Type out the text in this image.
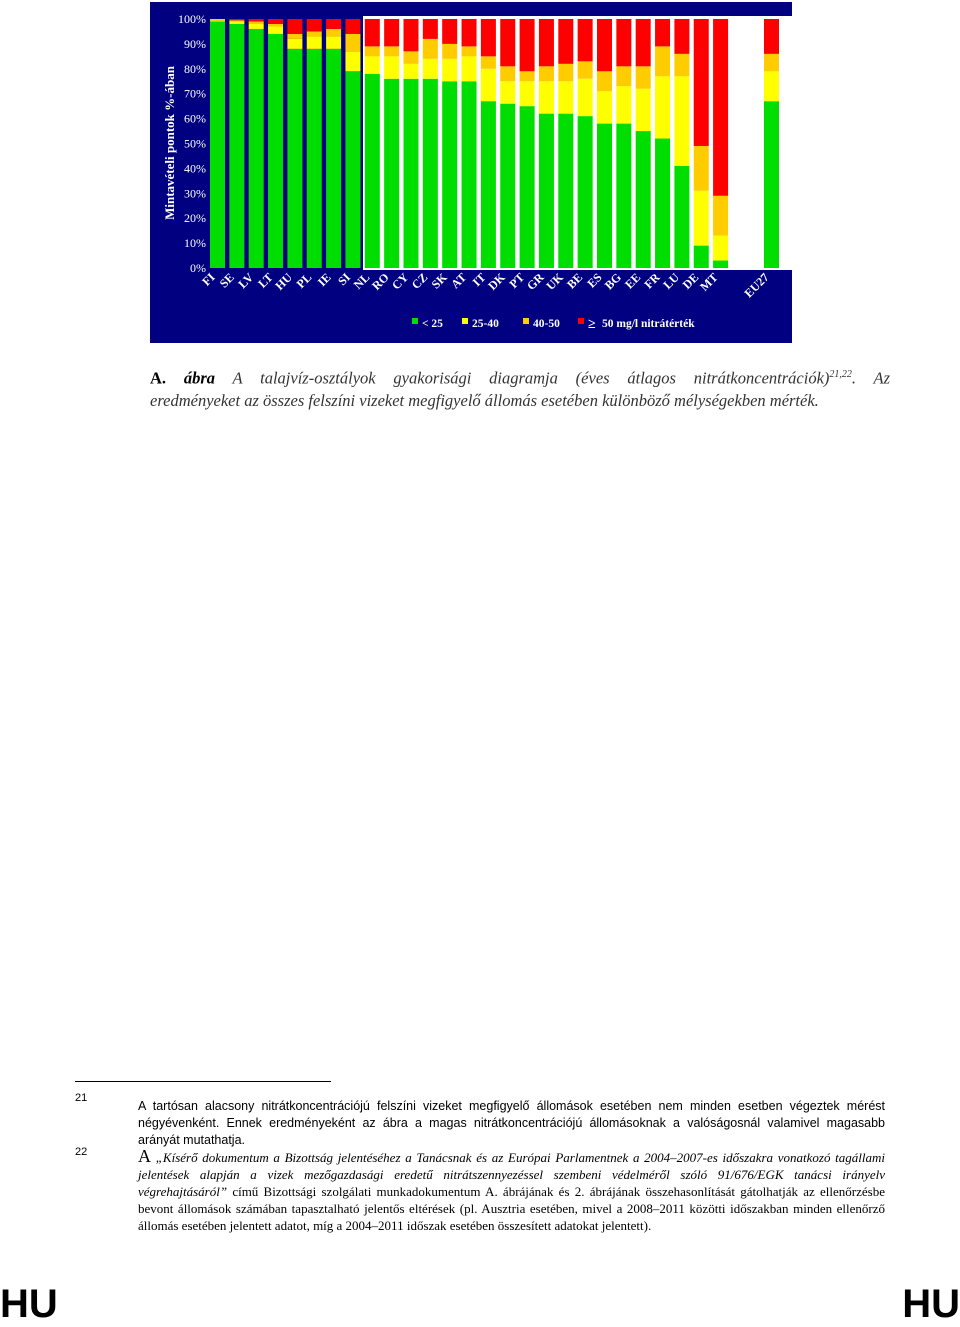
Mintavételi pontok %-ában
0%
10%
20%
30%
40%
50%
60%
70%
80%
90%
100%
FI SE
LV
LT
HU
PL IE SI
NL
RO
CY
CZ
SK
AT IT
DK
PT
GR
UK
BE ES
BG
EE
FR
LU
DE
MT EU27
< 25	25-40	40-50 ≥ 50 mg/l nitrátérték
A. ábra A talajvíz-osztályok gyakorisági diagramja (éves átlagos nitrátkoncentrációk)$^{21,22}$. Az
eredményeket az összes felszíni vizeket megfigyelő állomás esetében különböző mélységekben mérték.
21
A tartósan alacsony nitrátkoncentrációjú felszíni vizeket megfigyelő állomások esetében nem minden esetben végeztek mérést négyévenként. Ennek eredményeként az ábra a magas nitrátkoncentrációjú állomásoknak a valóságosnál valamivel magasabb arányát mutathatja.
22	A „Kísérő dokumentum a Bizottság jelentéséhez a Tanácsnak és az Európai Parlamentnek a 2004–2007-es időszakra vonatkozó tagállami jelentések alapján a vizek mezőgazdasági eredetű nitrátszennyezéssel szembeni védelméről szóló 91/676/EGK tanácsi irányelv végrehajtásáról” című Bizottsági szolgálati munkadokumentum A. ábrájának és 2. ábrájának összehasonlítását gátolhatják az ellenőrzésbe bevont állomások számában tapasztalható jelentős eltérések (pl. Ausztria esetében, mivel a 2008–2011 közötti időszakban minden ellenőrző állomás esetében jelentett adatot, míg a 2004–2011 időszak esetében összesített adatokat jelentett).
HU	HU
